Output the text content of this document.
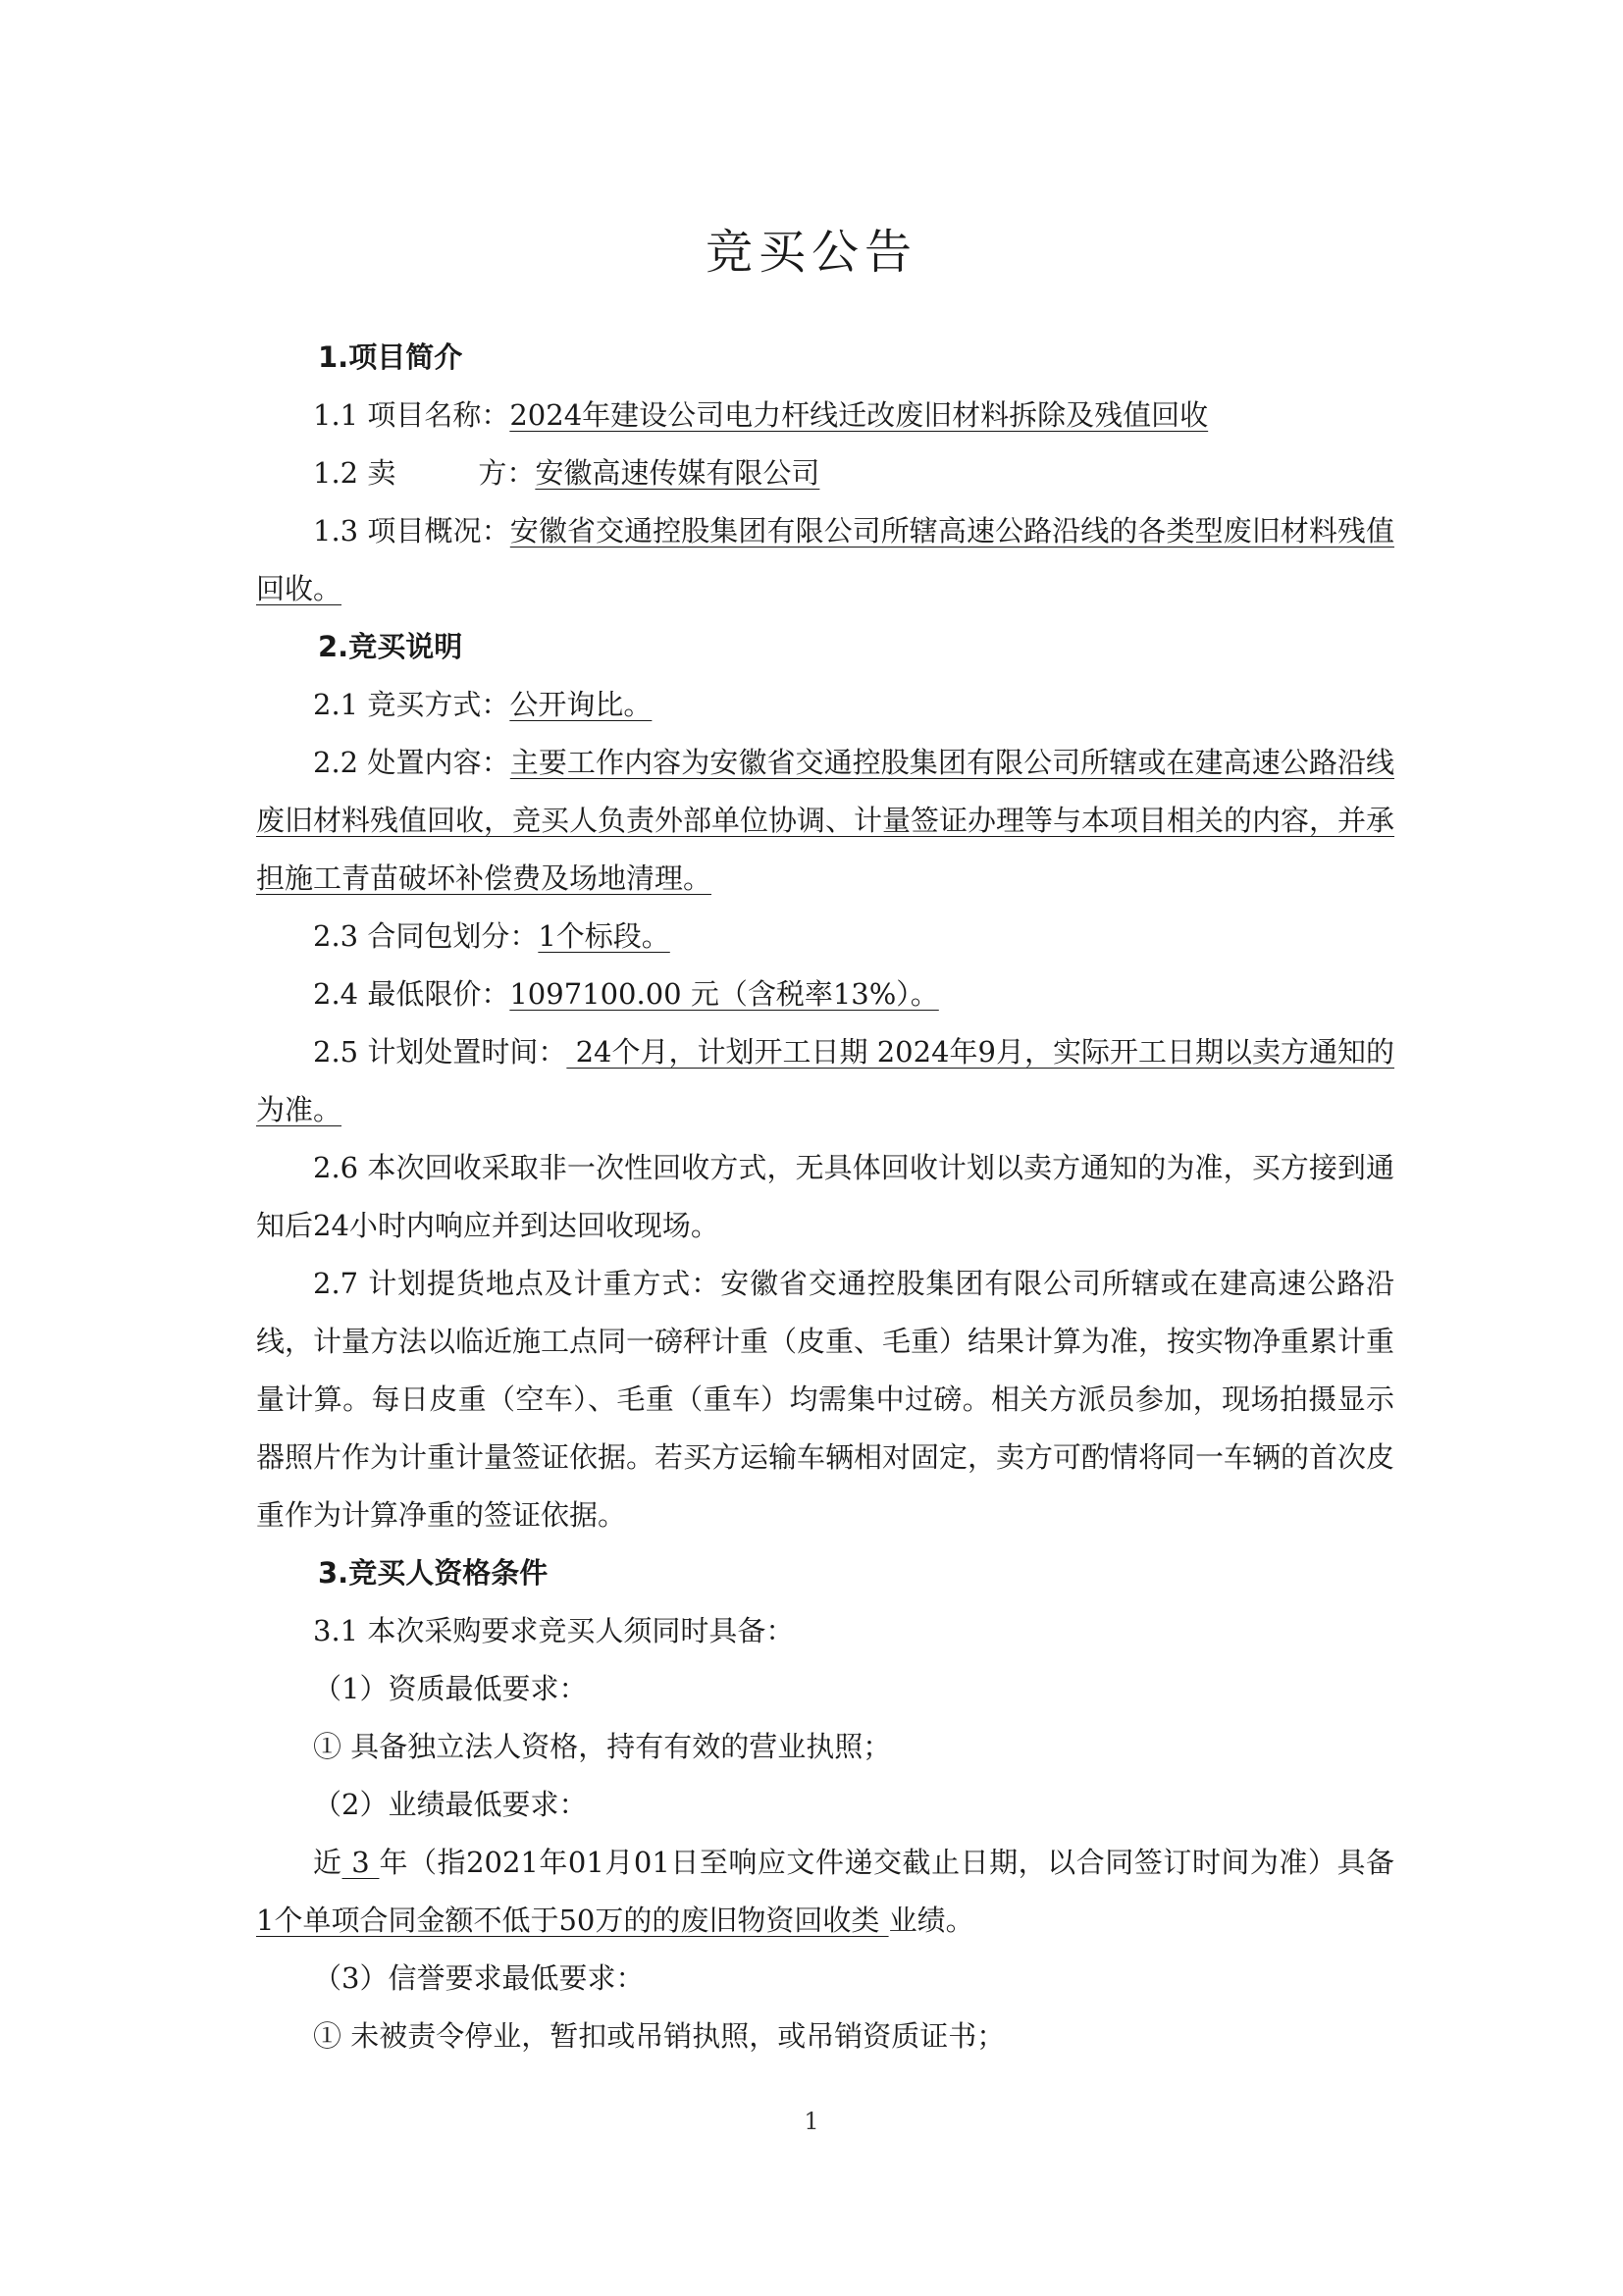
竞买公告

1.项目简介

1.1 项目名称：2024年建设公司电力杆线迁改废旧材料拆除及残值回收

1.2 卖	方：安徽高速传媒有限公司

1.3 项目概况：安徽省交通控股集团有限公司所辖高速公路沿线的各类型废旧材料残值回收。

2.竞买说明

2.1 竞买方式：公开询比。

2.2 处置内容：主要工作内容为安徽省交通控股集团有限公司所辖或在建高速公路沿线废旧材料残值回收，竞买人负责外部单位协调、计量签证办理等与本项目相关的内容，并承担施工青苗破坏补偿费及场地清理。

2.3 合同包划分：1个标段。

2.4 最低限价：1097100.00 元（含税率13%）。

2.5 计划处置时间： 24个月，计划开工日期 2024年9月，实际开工日期以卖方通知的为准。

2.6 本次回收采取非一次性回收方式，无具体回收计划以卖方通知的为准，买方接到通知后24小时内响应并到达回收现场。

2.7 计划提货地点及计重方式：安徽省交通控股集团有限公司所辖或在建高速公路沿线，计量方法以临近施工点同一磅秤计重（皮重、毛重）结果计算为准，按实物净重累计重量计算。每日皮重（空车）、毛重（重车）均需集中过磅。相关方派员参加，现场拍摄显示器照片作为计重计量签证依据。若买方运输车辆相对固定，卖方可酌情将同一车辆的首次皮重作为计算净重的签证依据。

3.竞买人资格条件

3.1 本次采购要求竞买人须同时具备：

（1）资质最低要求：

① 具备独立法人资格，持有有效的营业执照；

（2）业绩最低要求：

近 3 年（指2021年01月01日至响应文件递交截止日期，以合同签订时间为准）具备 1个单项合同金额不低于50万的的废旧物资回收类 业绩。

（3）信誉要求最低要求：

① 未被责令停业，暂扣或吊销执照，或吊销资质证书；

1
